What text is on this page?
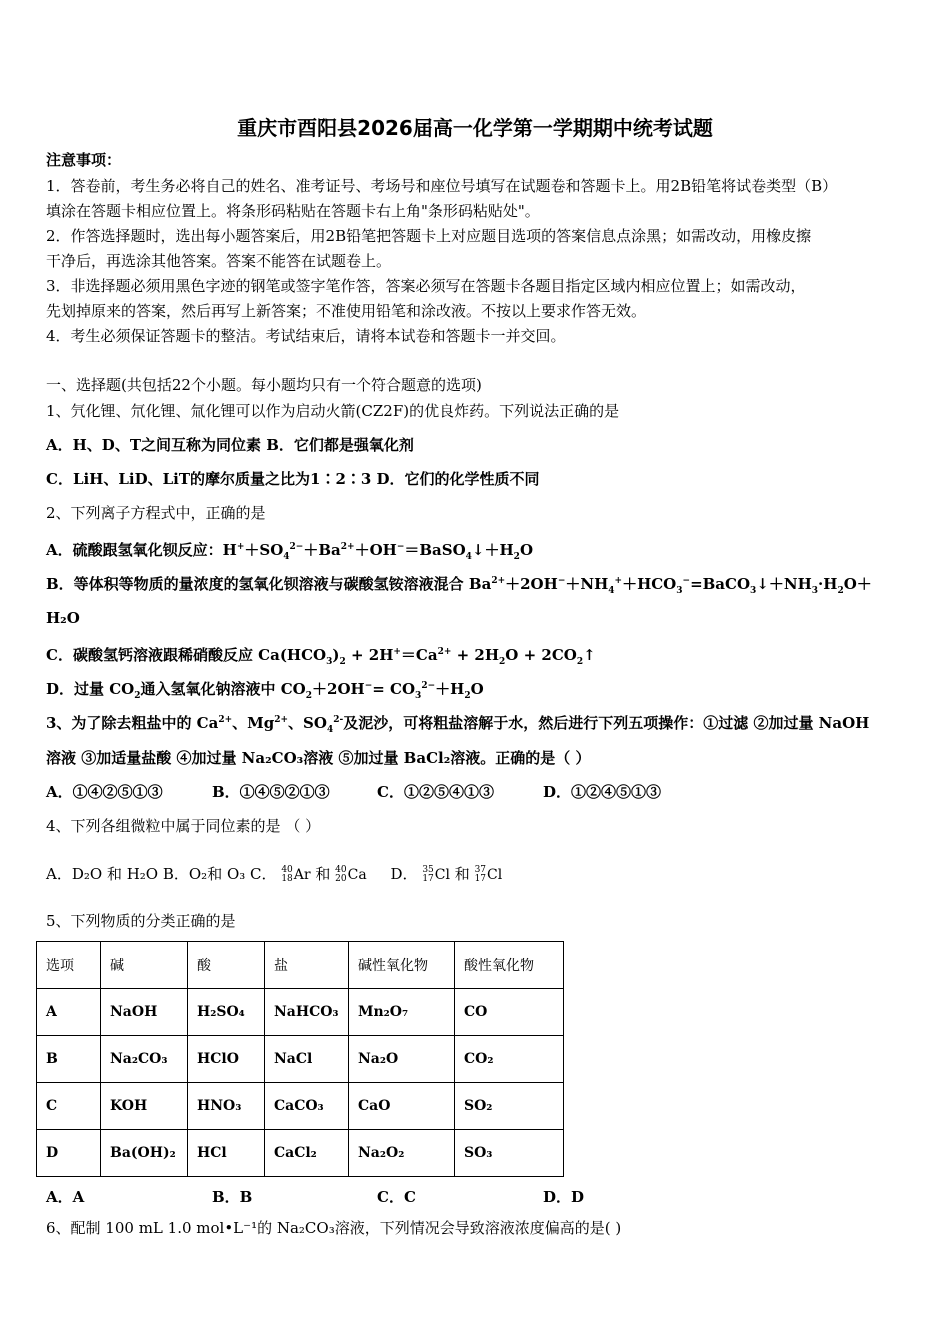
重庆市酉阳县2026届高一化学第一学期期中统考试题
注意事项：
1．答卷前，考生务必将自己的姓名、准考证号、考场号和座位号填写在试题卷和答题卡上。用2B铅笔将试卷类型（B）
填涂在答题卡相应位置上。将条形码粘贴在答题卡右上角"条形码粘贴处"。
2．作答选择题时，选出每小题答案后，用2B铅笔把答题卡上对应题目选项的答案信息点涂黑；如需改动，用橡皮擦
干净后，再选涂其他答案。答案不能答在试题卷上。
3．非选择题必须用黑色字迹的钢笔或签字笔作答，答案必须写在答题卡各题目指定区域内相应位置上；如需改动，
先划掉原来的答案，然后再写上新答案；不准使用铅笔和涂改液。不按以上要求作答无效。
4．考生必须保证答题卡的整洁。考试结束后，请将本试卷和答题卡一并交回。
一、选择题(共包括22个小题。每小题均只有一个符合题意的选项)
1、氕化锂、氘化锂、氚化锂可以作为启动火箭(CZ2F)的优良炸药。下列说法正确的是
A．H、D、T之间互称为同位素 B．它们都是强氧化剂
C．LiH、LiD、LiT的摩尔质量之比为1∶2∶3 D．它们的化学性质不同
2、下列离子方程式中，正确的是
A．硫酸跟氢氧化钡反应：$H^++SO_4^{2-}+Ba^{2+}+OH^-=BaSO_4↓+H_2O$
B．等体积等物质的量浓度的氢氧化钡溶液与碳酸氢铵溶液混合 $Ba^{2+}+2OH^-+NH_4^++HCO_3^-=BaCO_3↓+NH_3\cdot H_2O+$
H₂O
C．碳酸氢钙溶液跟稀硝酸反应 $Ca(HCO_3)_2 + 2H^+=Ca^{2+} + 2H_2O$ + $2CO_2↑$
D．过量 $CO_2$通入氢氧化钠溶液中 $CO_2+2OH^-= CO_3^{2-}+H_2O$
3、为了除去粗盐中的 $Ca^{2+}$、$Mg^{2+}$、$SO_4^{2-}$及泥沙，可将粗盐溶解于水，然后进行下列五项操作：①过滤 ②加过量 NaOH
溶液 ③加适量盐酸 ④加过量 Na₂CO₃溶液 ⑤加过量 BaCl₂溶液。正确的是（ ）
A．①④②⑤①③	B．①④⑤②①③	C．①②⑤④①③	D．①②④⑤①③
4、下列各组微粒中属于同位素的是 （ ）
A．D₂O 和 H₂O B．O₂和 O₃ C． 40
18Ar 和 40
20Ca D． 35
17Cl 和 37
17Cl
5、下列物质的分类正确的是
选项	碱	酸	盐	碱性氧化物	酸性氧化物
A	NaOH	H₂SO₄	NaHCO₃	Mn₂O₇	CO
B	Na₂CO₃	HClO	NaCl	Na₂O	CO₂
C	KOH	HNO₃	CaCO₃	CaO	SO₂
D	Ba(OH)₂	HCl	CaCl₂	Na₂O₂	SO₃
A．A	B．B	C．C	D．D
6、配制 100 mL 1.0 mol•L⁻¹的 Na₂CO₃溶液，下列情况会导致溶液浓度偏高的是( )
